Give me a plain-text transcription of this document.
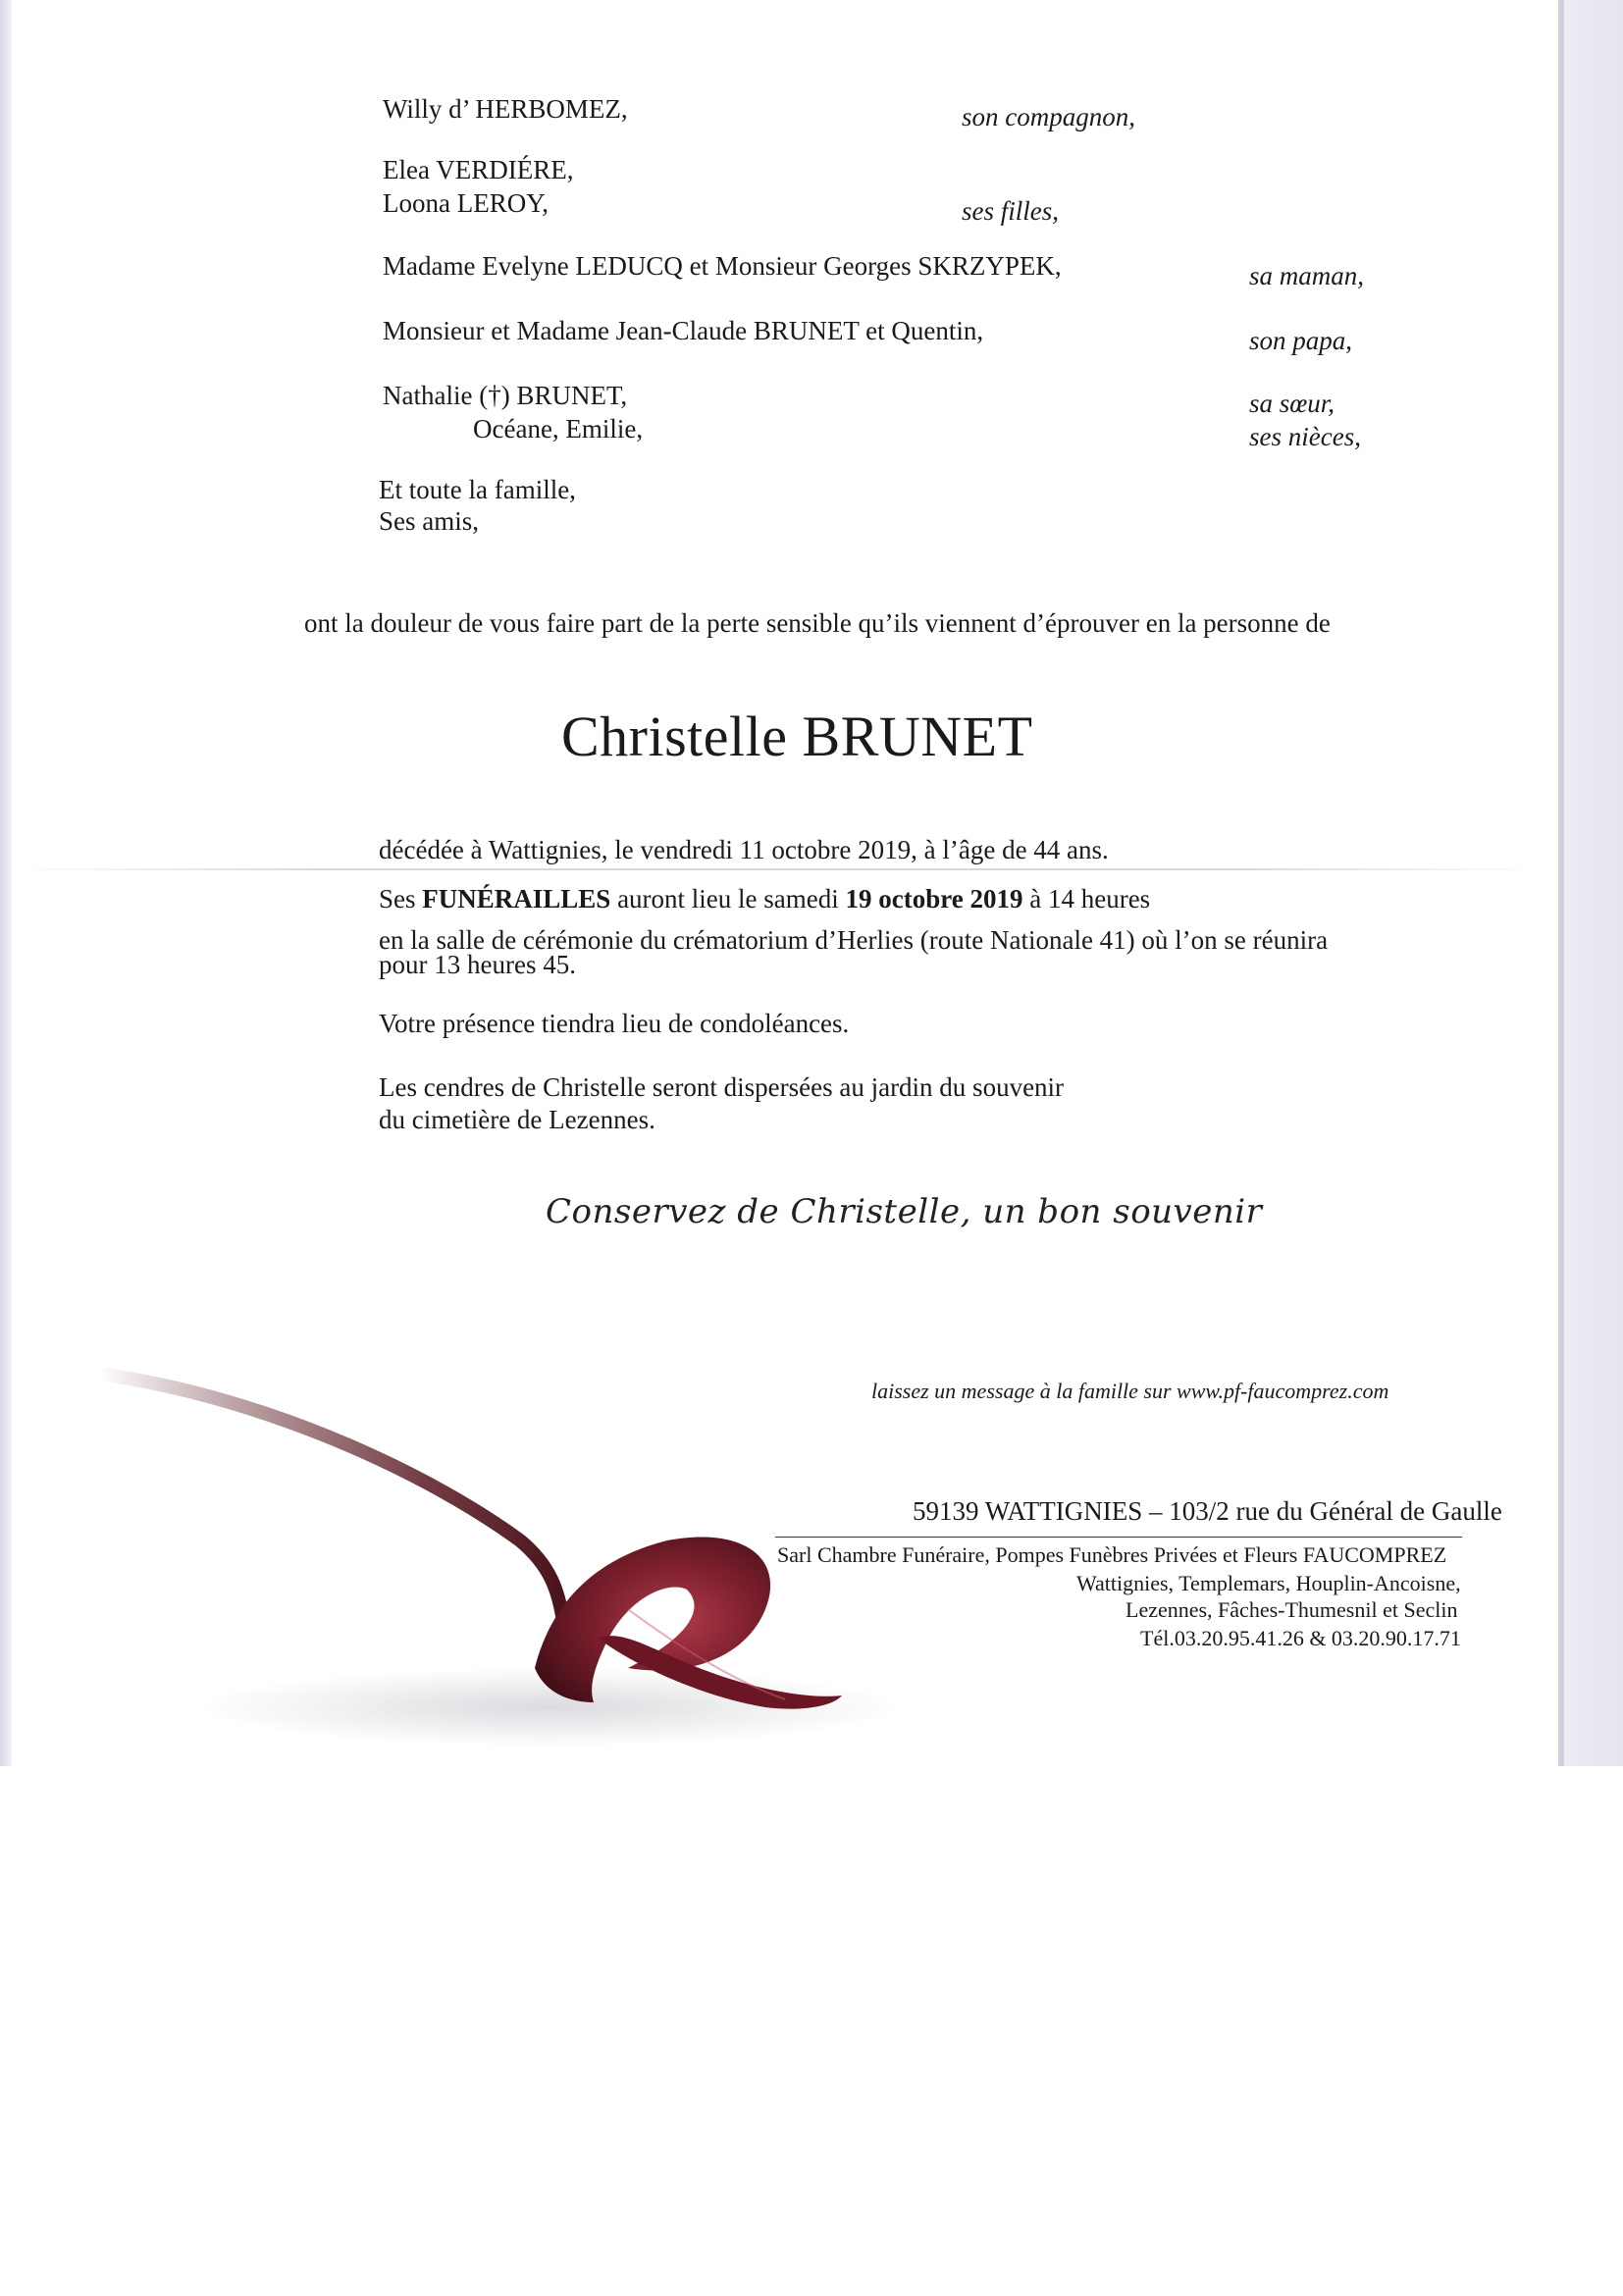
Willy d’ HERBOMEZ,	son compagnon,
Elea VERDIÉRE,
Loona LEROY,	ses filles,
Madame Evelyne LEDUCQ et Monsieur Georges SKRZYPEK,	sa maman,
Monsieur et Madame Jean-Claude BRUNET et Quentin,	son papa,
Nathalie (†) BRUNET,	sa sœur,
Océane, Emilie,	ses nièces,
Et toute la famille,
Ses amis,
ont la douleur de vous faire part de la perte sensible qu’ils viennent d’éprouver en la personne de
Christelle BRUNET
décédée à Wattignies, le vendredi 11 octobre 2019, à l’âge de 44 ans.
Ses FUNÉRAILLES auront lieu le samedi 19 octobre 2019 à 14 heures
en la salle de cérémonie du crématorium d’Herlies (route Nationale 41) où l’on se réunira
pour 13 heures 45.
Votre présence tiendra lieu de condoléances.
Les cendres de Christelle seront dispersées au jardin du souvenir
du cimetière de Lezennes.
Conservez de Christelle, un bon souvenir
laissez un message à la famille sur www.pf-faucomprez.com
59139 WATTIGNIES – 103/2 rue du Général de Gaulle
Sarl Chambre Funéraire, Pompes Funèbres Privées et Fleurs FAUCOMPREZ
Wattignies, Templemars, Houplin-Ancoisne,
Lezennes, Fâches-Thumesnil et Seclin
Tél.03.20.95.41.26 & 03.20.90.17.71
